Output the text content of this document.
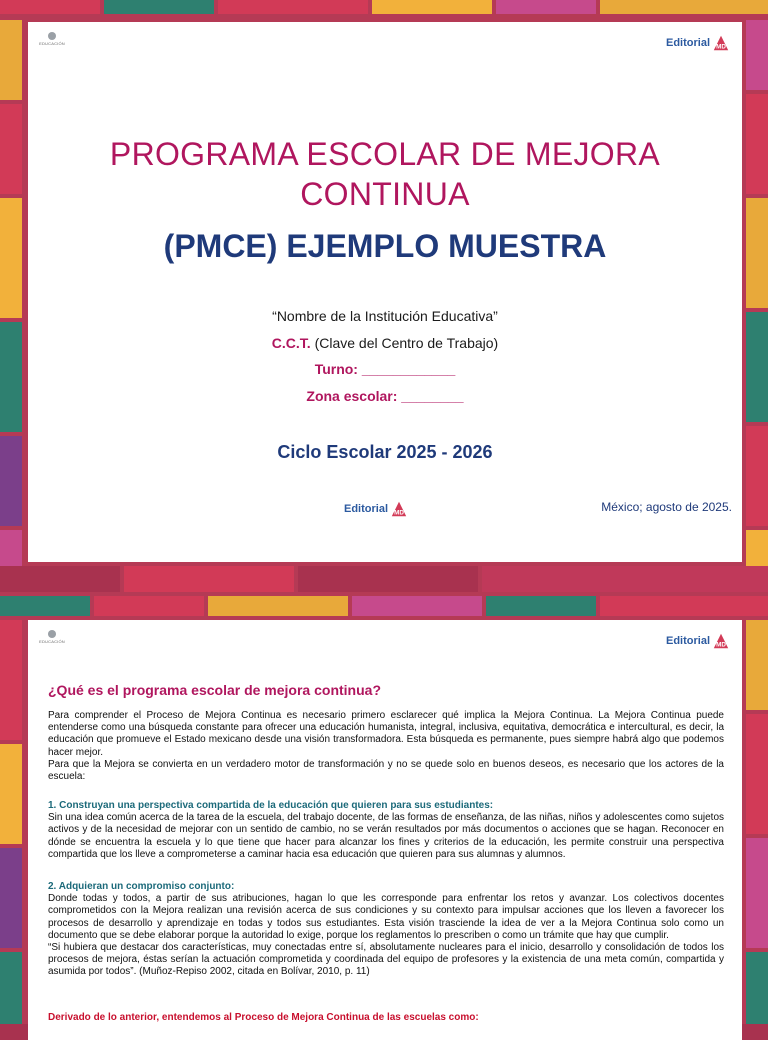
EDUCACIÓN	Editorial MD
PROGRAMA ESCOLAR DE MEJORA
CONTINUA
(PMCE) EJEMPLO MUESTRA
“Nombre de la Institución Educativa”
C.C.T. (Clave del Centro de Trabajo)
Turno: ____________
Zona escolar: ________
Ciclo Escolar 2025 - 2026
Editorial MD	México; agosto de 2025.
EDUCACIÓN	Editorial MD
¿Qué es el programa escolar de mejora continua?

Para comprender el Proceso de Mejora Continua es necesario primero esclarecer qué implica la Mejora Continua. La Mejora Continua puede entenderse como una búsqueda constante para ofrecer una educación humanista, integral, inclusiva, equitativa, democrática e intercultural, es decir, la educación que promueve el Estado mexicano desde una visión transformadora. Esta búsqueda es permanente, pues siempre habrá algo que podemos hacer mejor.

Para que la Mejora se convierta en un verdadero motor de transformación y no se quede solo en buenos deseos, es necesario que los actores de la escuela:

1. Construyan una perspectiva compartida de la educación que quieren para sus estudiantes:

Sin una idea común acerca de la tarea de la escuela, del trabajo docente, de las formas de enseñanza, de las niñas, niños y adolescentes como sujetos activos y de la necesidad de mejorar con un sentido de cambio, no se verán resultados por más documentos o acciones que se hagan. Reconocer en dónde se encuentra la escuela y lo que tiene que hacer para alcanzar los fines y criterios de la educación, les permite construir una perspectiva compartida que los lleve a comprometerse a caminar hacia esa educación que quieren para sus alumnas y alumnos.

2. Adquieran un compromiso conjunto:

Donde todas y todos, a partir de sus atribuciones, hagan lo que les corresponde para enfrentar los retos y avanzar. Los colectivos docentes comprometidos con la Mejora realizan una revisión acerca de sus condiciones y su contexto para impulsar acciones que los lleven a favorecer los procesos de desarrollo y aprendizaje en todas y todos sus estudiantes. Esta visión trasciende la idea de ver a la Mejora Continua solo como un documento que se debe elaborar porque la autoridad lo exige, porque los reglamentos lo prescriben o como un trámite que hay que cumplir.

“Si hubiera que destacar dos características, muy conectadas entre sí, absolutamente nucleares para el inicio, desarrollo y consolidación de todos los procesos de mejora, éstas serían la actuación comprometida y coordinada del equipo de profesores y la existencia de una meta común, compartida y asumida por todos”. (Muñoz-Repiso 2002, citada en Bolívar, 2010, p. 11)

Derivado de lo anterior, entendemos al Proceso de Mejora Continua de las escuelas como:
